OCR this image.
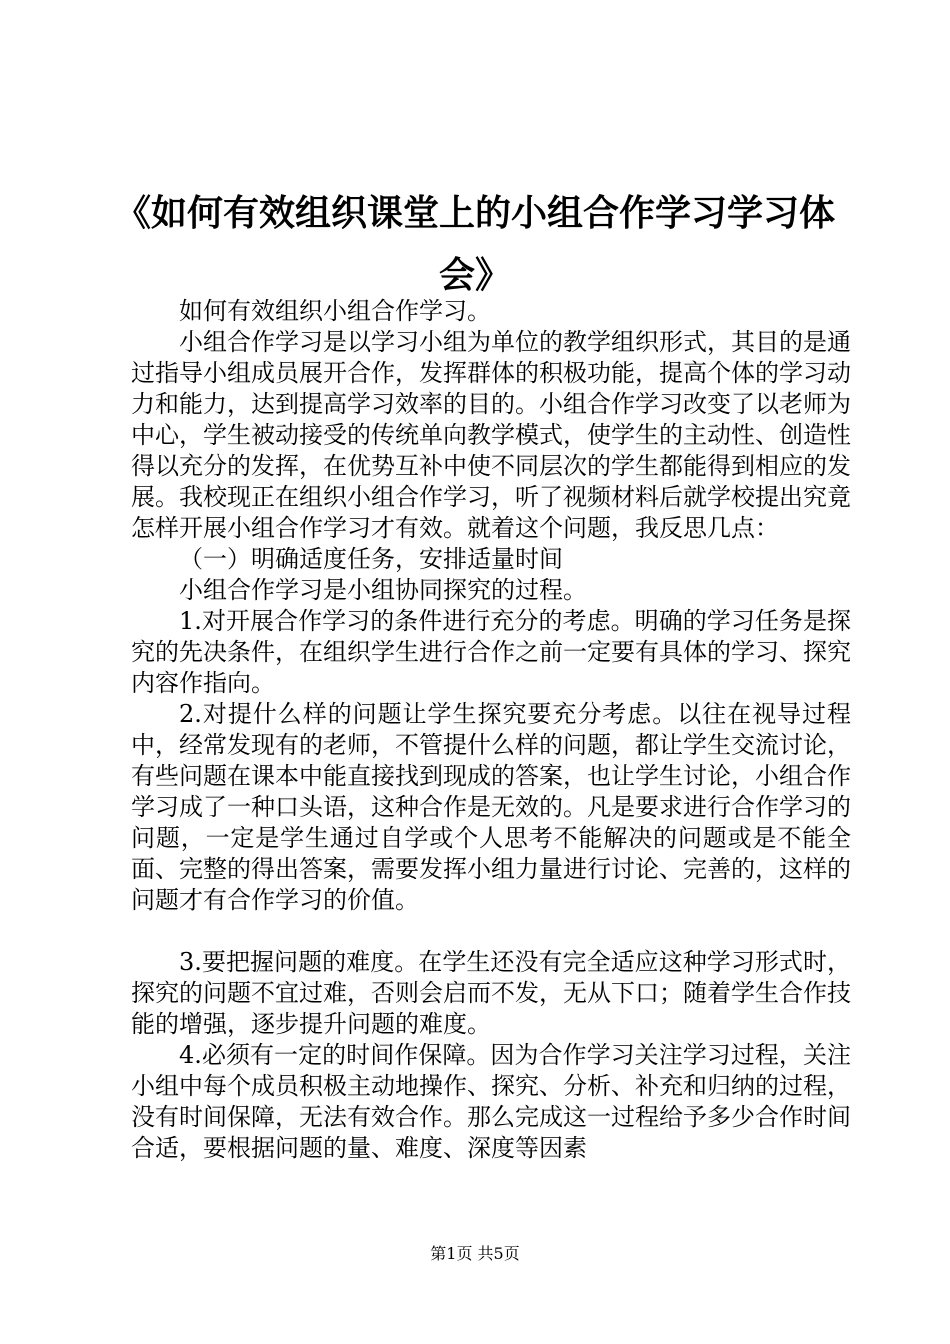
《如何有效组织课堂上的小组合作学习学习体会》

如何有效组织小组合作学习。

小组合作学习是以学习小组为单位的教学组织形式，其目的是通过指导小组成员展开合作，发挥群体的积极功能，提高个体的学习动力和能力，达到提高学习效率的目的。小组合作学习改变了以老师为中心，学生被动接受的传统单向教学模式，使学生的主动性、创造性得以充分的发挥，在优势互补中使不同层次的学生都能得到相应的发展。我校现正在组织小组合作学习，听了视频材料后就学校提出究竟怎样开展小组合作学习才有效。就着这个问题，我反思几点：

（一）明确适度任务，安排适量时间

小组合作学习是小组协同探究的过程。

1.对开展合作学习的条件进行充分的考虑。明确的学习任务是探究的先决条件，在组织学生进行合作之前一定要有具体的学习、探究内容作指向。

2.对提什么样的问题让学生探究要充分考虑。以往在视导过程中，经常发现有的老师，不管提什么样的问题，都让学生交流讨论，有些问题在课本中能直接找到现成的答案，也让学生讨论，小组合作学习成了一种口头语，这种合作是无效的。凡是要求进行合作学习的问题，一定是学生通过自学或个人思考不能解决的问题或是不能全面、完整的得出答案，需要发挥小组力量进行讨论、完善的，这样的问题才有合作学习的价值。

3.要把握问题的难度。在学生还没有完全适应这种学习形式时，探究的问题不宜过难，否则会启而不发，无从下口；随着学生合作技能的增强，逐步提升问题的难度。

4.必须有一定的时间作保障。因为合作学习关注学习过程，关注小组中每个成员积极主动地操作、探究、分析、补充和归纳的过程，没有时间保障，无法有效合作。那么完成这一过程给予多少合作时间合适，要根据问题的量、难度、深度等因素

第1页 共5页
